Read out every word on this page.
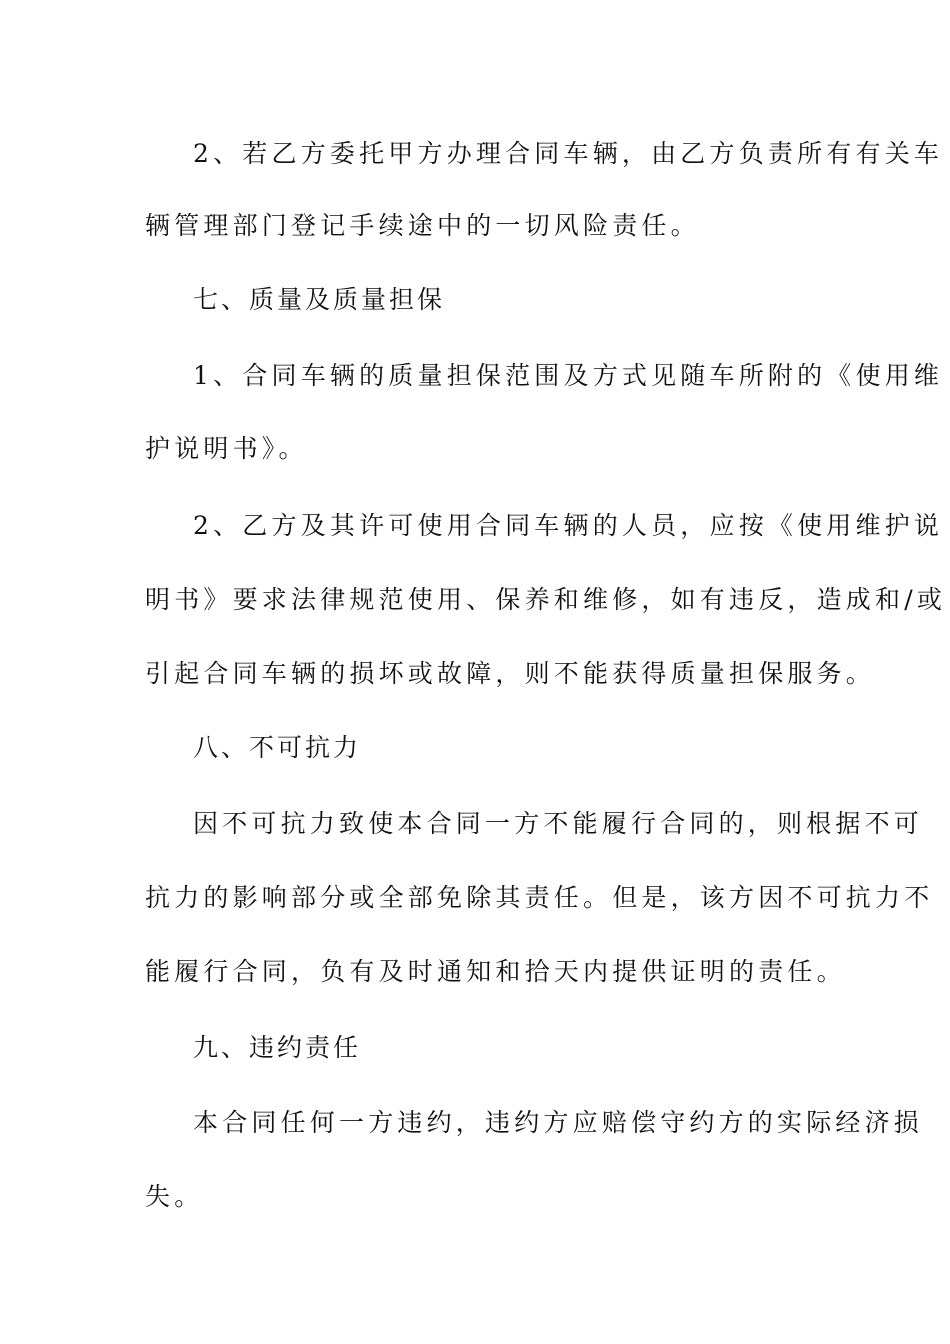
2、若乙方委托甲方办理合同车辆，由乙方负责所有有关车

辆管理部门登记手续途中的一切风险责任。

七、质量及质量担保

1、合同车辆的质量担保范围及方式见随车所附的《使用维

护说明书》。

2、乙方及其许可使用合同车辆的人员，应按《使用维护说

明书》要求法律规范使用、保养和维修，如有违反，造成和/或

引起合同车辆的损坏或故障，则不能获得质量担保服务。

八、不可抗力

因不可抗力致使本合同一方不能履行合同的，则根据不可

抗力的影响部分或全部免除其责任。但是，该方因不可抗力不

能履行合同，负有及时通知和拾天内提供证明的责任。

九、违约责任

本合同任何一方违约，违约方应赔偿守约方的实际经济损

失。
